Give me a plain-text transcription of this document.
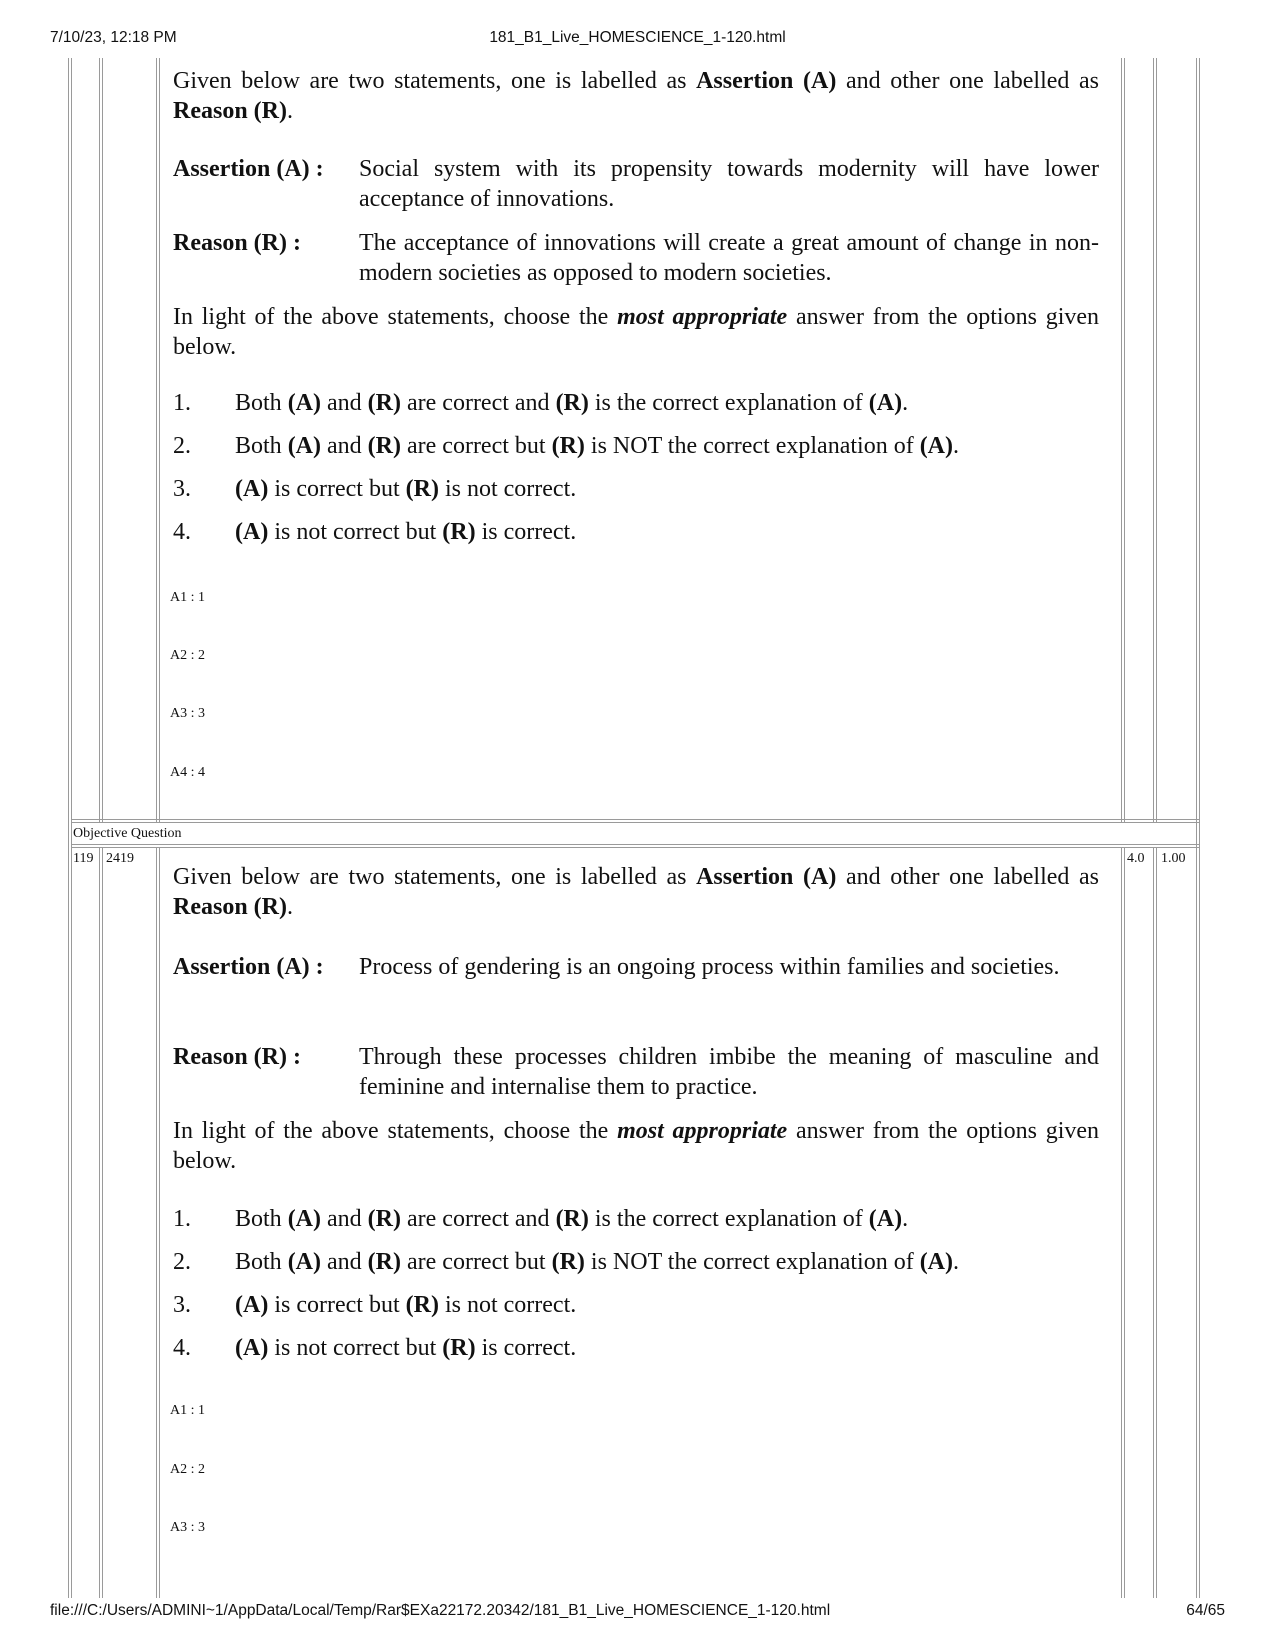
7/10/23, 12:18 PM	181_B1_Live_HOMESCIENCE_1-120.html

Given below are two statements, one is labelled as Assertion (A) and other one labelled as Reason (R).

Assertion (A) :	Social system with its propensity towards modernity will have lower acceptance of innovations.
Reason (R) :	The acceptance of innovations will create a great amount of change in non-modern societies as opposed to modern societies.

In light of the above statements, choose the most appropriate answer from the options given below.

1.	Both (A) and (R) are correct and (R) is the correct explanation of (A).
2.	Both (A) and (R) are correct but (R) is NOT the correct explanation of (A).
3.	(A) is correct but (R) is not correct.
4.	(A) is not correct but (R) is correct.
A1 : 1
A2 : 2
A3 : 3
A4 : 4
Objective Question
119 2419	4.0 1.00

Given below are two statements, one is labelled as Assertion (A) and other one labelled as Reason (R).

Assertion (A) :	Process of gendering is an ongoing process within families and societies.
Reason (R) :	Through these processes children imbibe the meaning of masculine and feminine and internalise them to practice.

In light of the above statements, choose the most appropriate answer from the options given below.

1.	Both (A) and (R) are correct and (R) is the correct explanation of (A).
2.	Both (A) and (R) are correct but (R) is NOT the correct explanation of (A).
3.	(A) is correct but (R) is not correct.
4.	(A) is not correct but (R) is correct.
A1 : 1
A2 : 2
A3 : 3
file:///C:/Users/ADMINI~1/AppData/Local/Temp/Rar$EXa22172.20342/181_B1_Live_HOMESCIENCE_1-120.html	64/65
